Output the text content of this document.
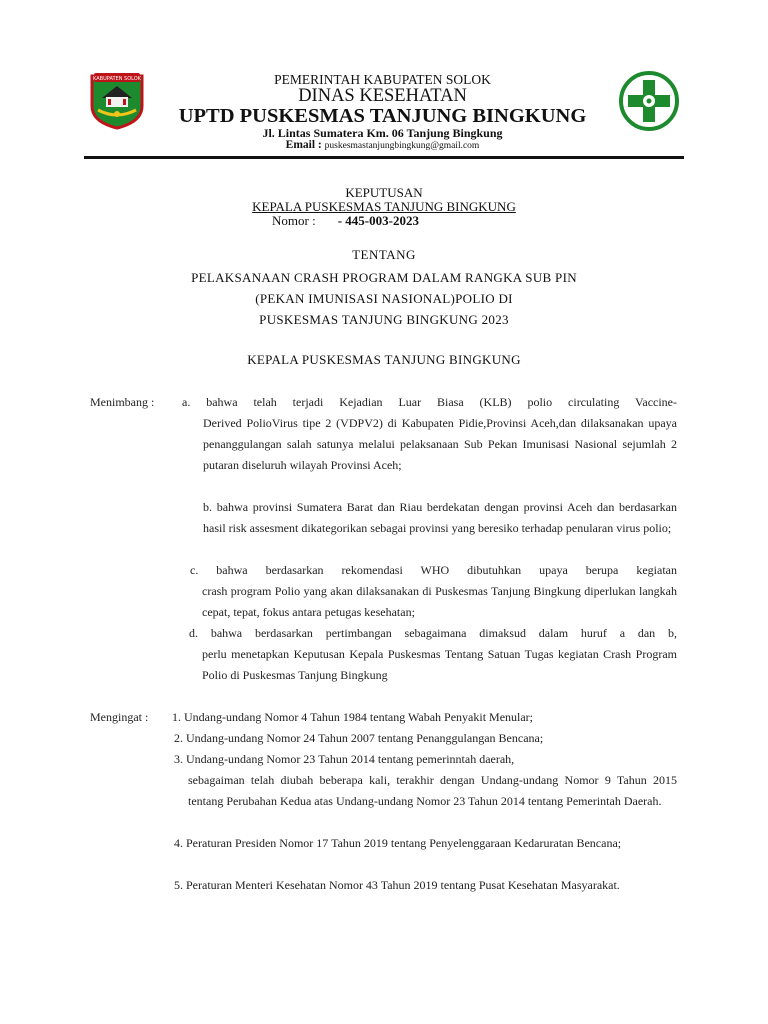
KABUPATEN SOLOK	PEMERINTAH KABUPATEN SOLOK
DINAS KESEHATAN
UPTD PUSKESMAS TANJUNG BINGKUNG
Jl. Lintas Sumatera Km. 06 Tanjung Bingkung
Email : puskesmastanjungbingkung@gmail.com
KEPUTUSAN
KEPALA PUSKESMAS TANJUNG BINGKUNG
Nomor : - 445-003-2023
TENTANG
PELAKSANAAN CRASH PROGRAM DALAM RANGKA SUB PIN
(PEKAN IMUNISASI NASIONAL)POLIO DI
PUSKESMAS TANJUNG BINGKUNG 2023
KEPALA PUSKESMAS TANJUNG BINGKUNG
Menimbang : a. bahwa telah terjadi Kejadian Luar Biasa (KLB) polio circulating Vaccine-
Derived PolioVirus tipe 2 (VDPV2) di Kabupaten Pidie,Provinsi Aceh,dan dilaksanakan upaya penanggulangan salah satunya melalui pelaksanaan Sub Pekan Imunisasi Nasional sejumlah 2 putaran diseluruh wilayah Provinsi Aceh;
b. bahwa provinsi Sumatera Barat dan Riau berdekatan dengan provinsi Aceh dan berdasarkan hasil risk assesment dikategorikan sebagai provinsi yang beresiko terhadap penularan virus polio;
c. bahwa berdasarkan rekomendasi WHO dibutuhkan upaya berupa kegiatan
crash program Polio yang akan dilaksanakan di Puskesmas Tanjung Bingkung diperlukan langkah cepat, tepat, fokus antara petugas kesehatan;
d. bahwa berdasarkan pertimbangan sebagaimana dimaksud dalam huruf a dan b,
perlu menetapkan Keputusan Kepala Puskesmas Tentang Satuan Tugas kegiatan Crash Program Polio di Puskesmas Tanjung Bingkung
Mengingat : 1. Undang-undang Nomor 4 Tahun 1984 tentang Wabah Penyakit Menular;
2. Undang-undang Nomor 24 Tahun 2007 tentang Penanggulangan Bencana;
3. Undang-undang Nomor 23 Tahun 2014 tentang pemerinntah daerah,
sebagaiman telah diubah beberapa kali, terakhir dengan Undang-undang Nomor 9 Tahun 2015 tentang Perubahan Kedua atas Undang-undang Nomor 23 Tahun 2014 tentang Pemerintah Daerah.
4. Peraturan Presiden Nomor 17 Tahun 2019 tentang Penyelenggaraan Kedaruratan Bencana;
5. Peraturan Menteri Kesehatan Nomor 43 Tahun 2019 tentang Pusat Kesehatan Masyarakat.
